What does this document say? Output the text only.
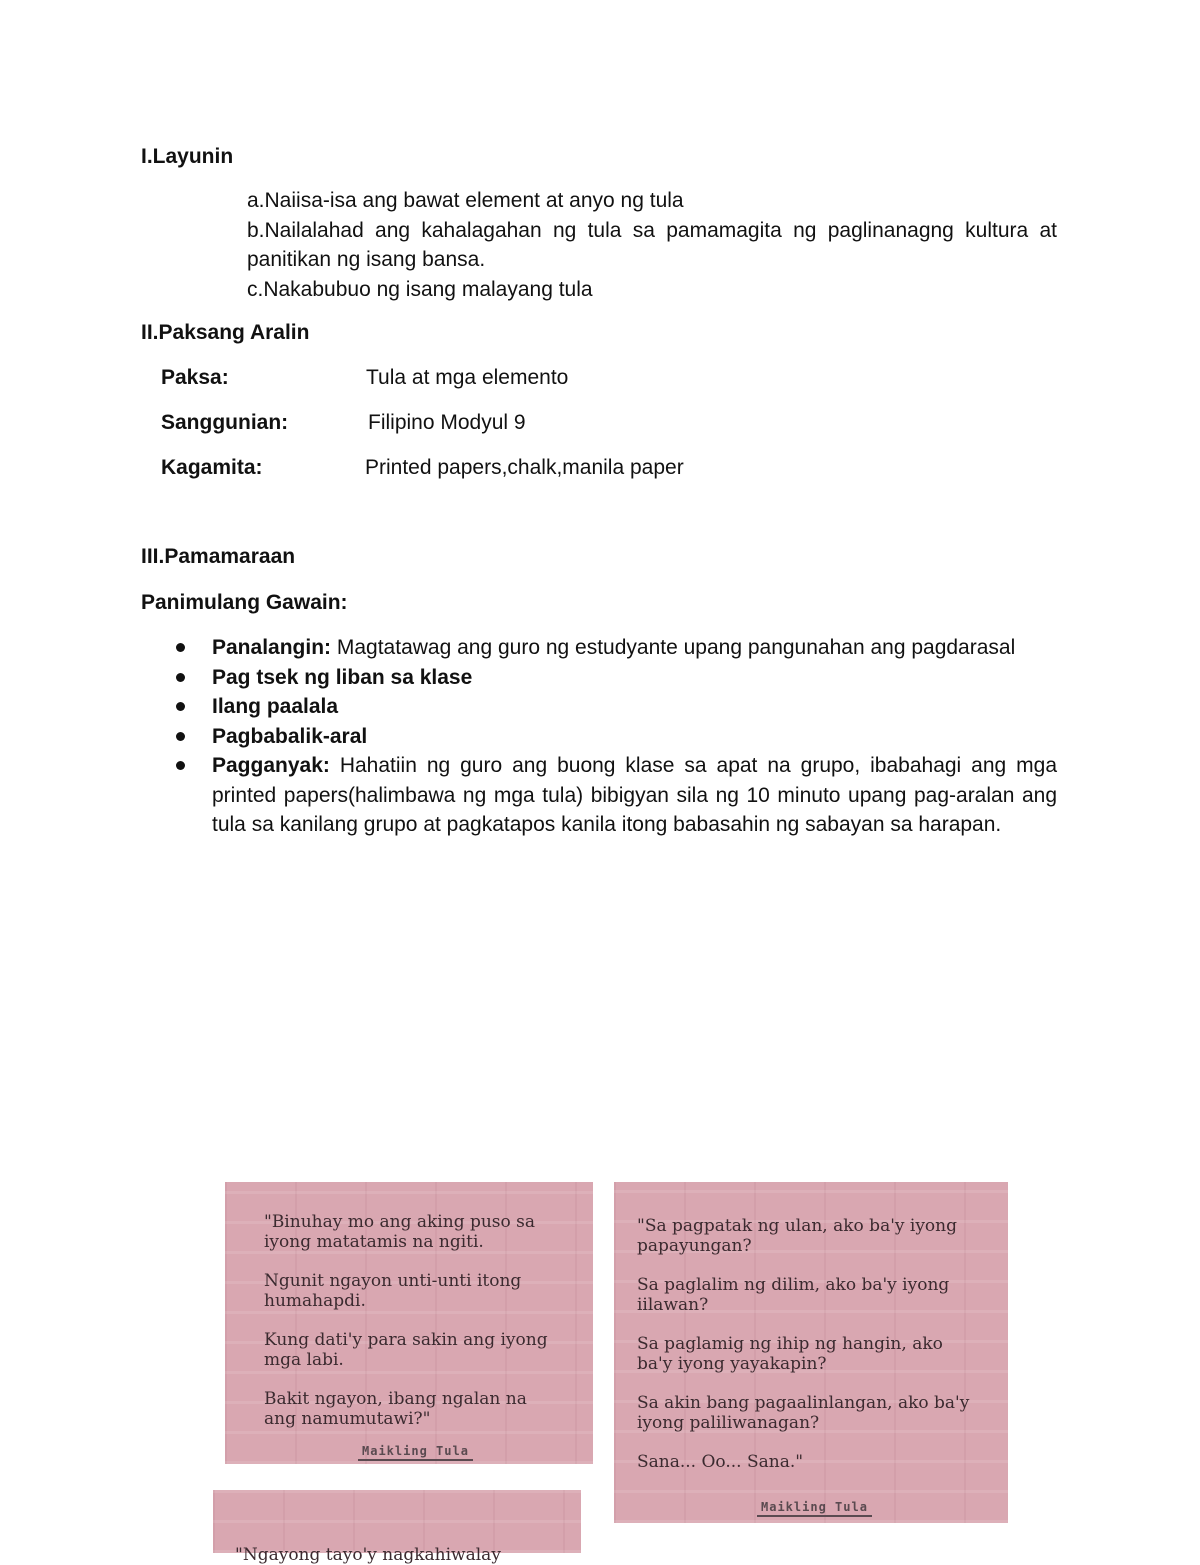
I.Layunin
a.Naiisa-isa ang bawat element at anyo ng tula
b.Nailalahad ang kahalagahan ng tula sa pamamagita ng paglinanagng kultura at panitikan ng isang bansa.
c.Nakabubuo ng isang malayang tula
II.Paksang Aralin
Paksa:	Tula at mga elemento
Sanggunian:	Filipino Modyul 9
Kagamita:	Printed papers,chalk,manila paper
III.Pamamaraan
Panimulang Gawain:
Panalangin: Magtatawag ang guro ng estudyante upang pangunahan ang pagdarasal
Pag tsek ng liban sa klase
Ilang paalala
Pagbabalik-aral
Pagganyak: Hahatiin ng guro ang buong klase sa apat na grupo, ibabahagi ang mga printed papers(halimbawa ng mga tula) bibigyan sila ng 10 minuto upang pag-aralan ang tula sa kanilang grupo at pagkatapos kanila itong babasahin ng sabayan sa harapan.
"Binuhay mo ang aking puso sa iyong matatamis na ngiti.
Ngunit ngayon unti-unti itong humahapdi.
Kung dati'y para sakin ang iyong mga labi.
Bakit ngayon, ibang ngalan na ang namumutawi?"
Maikling Tula
"Sa pagpatak ng ulan, ako ba'y iyong papayungan?
Sa paglalim ng dilim, ako ba'y iyong iilawan?
Sa paglamig ng ihip ng hangin, ako ba'y iyong yayakapin?
Sa akin bang pagaalinlangan, ako ba'y iyong paliliwanagan?
Sana... Oo... Sana."
Maikling Tula
"Ngayong tayo'y nagkahiwalay
